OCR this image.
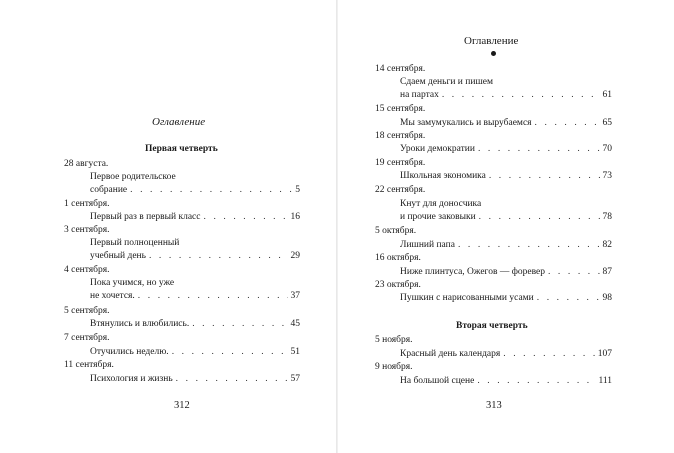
Оглавление
Первая четверть
28 августа.
Первое родительское
собрание . . .	5
1 сентября.
Первый раз в первый класс . . .	16
3 сентября.
Первый полноценный
учебный день . . .	29
4 сентября.
Пока учимся, но уже
не хочется. . . .	37
5 сентября.
Втянулись и влюбились. . . .	45
7 сентября.
Отучились неделю. . . .	51
11 сентября.
Психология и жизнь . . .	57
312
Оглавление
14 сентября.
Сдаем деньги и пишем
на партах . . .	61
15 сентября.
Мы замумукались и вырубаемся . . .	65
18 сентября.
Уроки демократии . . .	70
19 сентября.
Школьная экономика . . .	73
22 сентября.
Кнут для доносчика
и прочие заковыки . . .	78
5 октября.
Лишний папа . . .	82
16 октября.
Ниже плинтуса, Ожегов — форевер . . .	87
23 октября.
Пушкин с нарисованными усами . . .	98
Вторая четверть
5 ноября.
Красный день календаря . . .	107
9 ноября.
На большой сцене . . .	111
313
